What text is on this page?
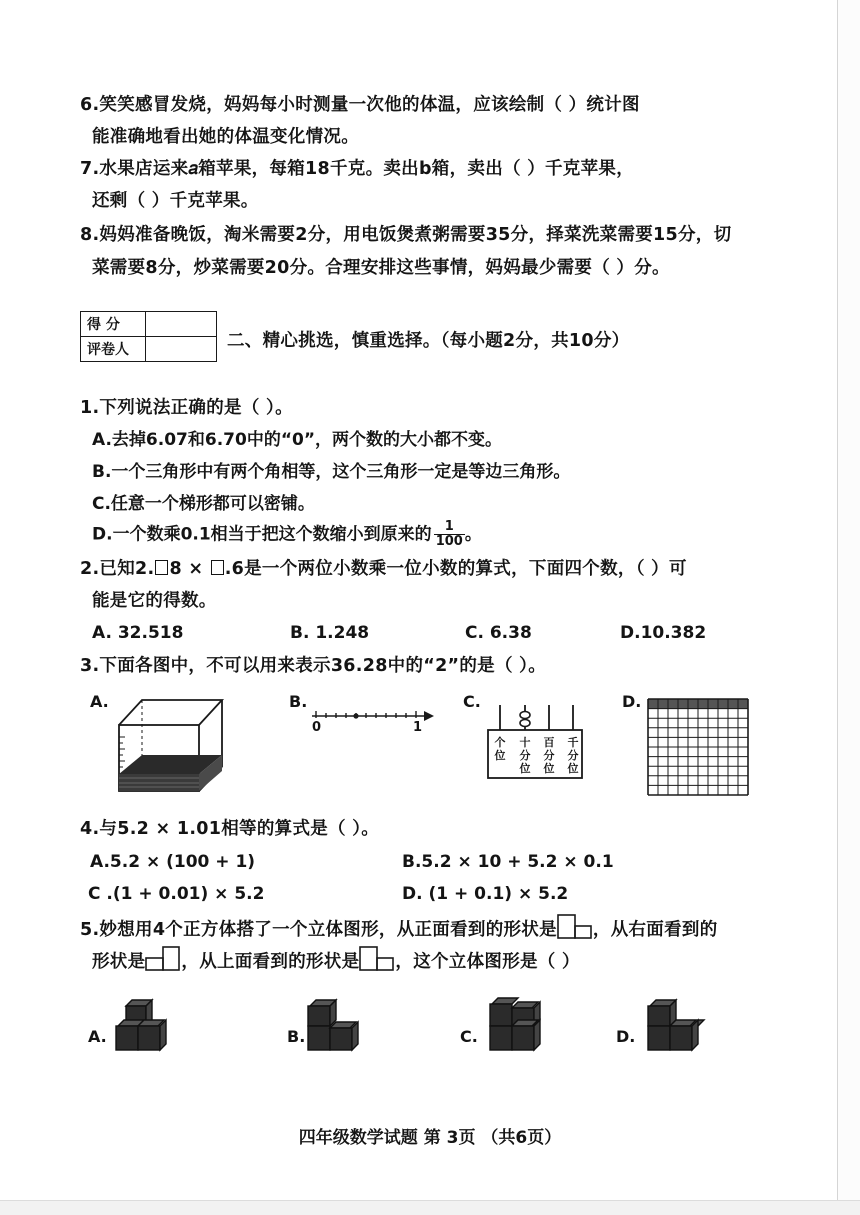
6.笑笑感冒发烧，妈妈每小时测量一次他的体温，应该绘制（ ）统计图
能准确地看出她的体温变化情况。
7.水果店运来𝑎箱苹果，每箱18千克。卖出b箱，卖出（ ）千克苹果，
还剩（ ）千克苹果。
8.妈妈准备晚饭，淘米需要2分，用电饭煲煮粥需要35分，择菜洗菜需要15分，切
菜需要8分，炒菜需要20分。合理安排这些事情，妈妈最少需要（ ）分。
得 分	
评卷人		二、精心挑选，慎重选择。（每小题2分，共10分）
1.下列说法正确的是（ ）。
A.去掉6.07和6.70中的“0”，两个数的大小都不变。
B.一个三角形中有两个角相等，这个三角形一定是等边三角形。
C.任意一个梯形都可以密铺。
D.一个数乘0.1相当于把这个数缩小到原来的 $\frac{1}{100}$ 。
2.已知2. 8 × .6是一个两位小数乘一位小数的算式，下面四个数，（ ）可
能是它的得数。
A. 32.518	B. 1.248	C. 6.38	D.10.382
3.下面各图中，不可以用来表示36.28中的“2”的是（ ）。
A.	B.	C.	D.
0	1
个位
十分位
百分位
千分位
4.与5.2 × 1.01相等的算式是（ ）。
A.5.2 × (100 + 1)	B.5.2 × 10 + 5.2 × 0.1
C .(1 + 0.01) × 5.2	D. (1 + 0.1) × 5.2
5.妙想用4个正方体搭了一个立体图形，从正面看到的形状是 ，从右面看到的
形状是 ，从上面看到的形状是 ，这个立体图形是（ ）
A.	B.	C.	D.
四年级数学试题 第 3页 （共6页）
